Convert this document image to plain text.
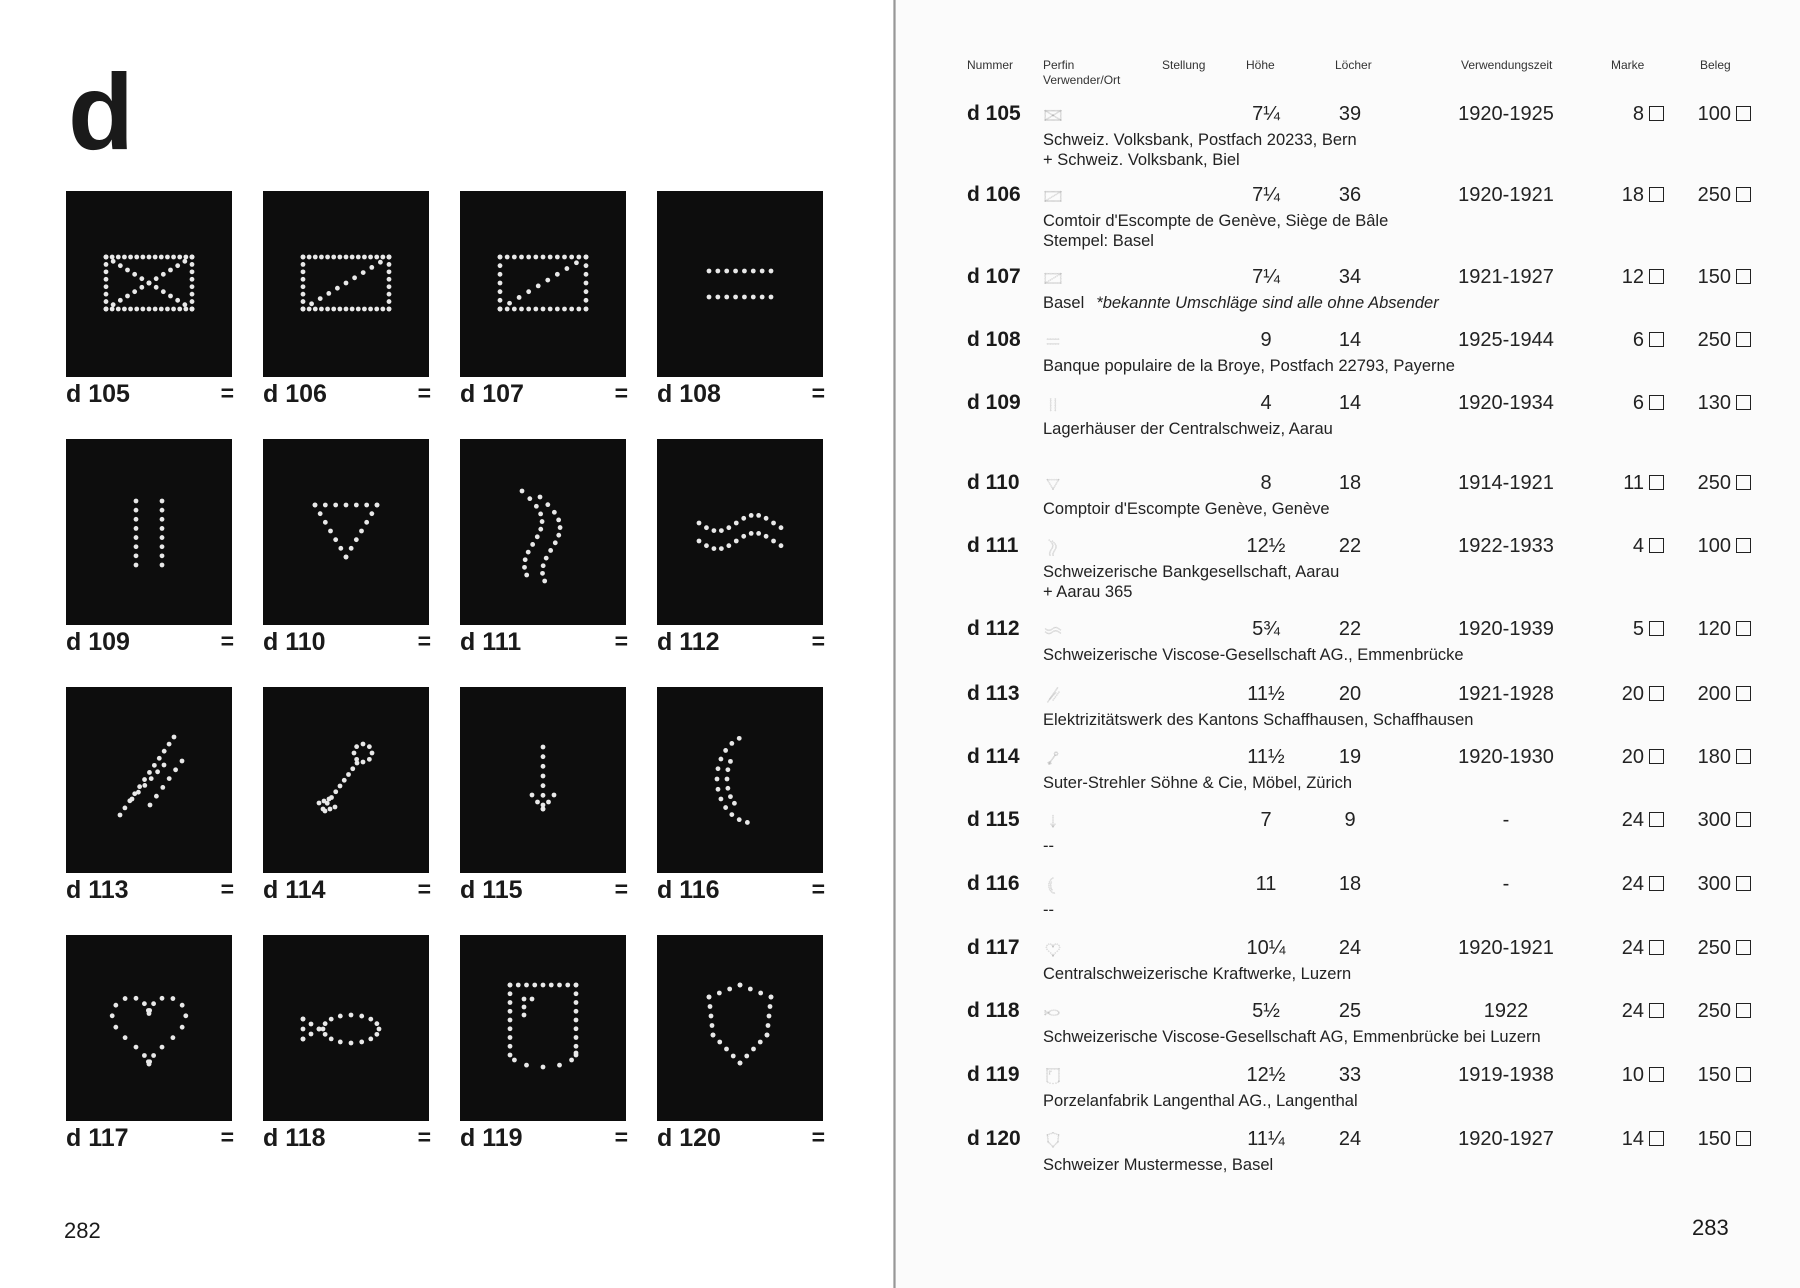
d
d 105	= d 106	= d 107	= d 108	=
d 109	= d 110	= d 111	= d 112	=
d 113	= d 114	= d 115	= d 116	=
d 117	= d 118	= d 119	= d 120	=
282
Nummer Perfin
Verwender/Ort
Stellung	Höhe	Löcher	Verwendungszeit	Marke	Beleg
d 105	7¼	39	1920-1925	8	100
Schweiz. Volksbank, Postfach 20233, Bern
+ Schweiz. Volksbank, Biel
d 106	7¼	36	1920-1921	18	250
Comtoir d'Escompte de Genève, Siège de Bâle
Stempel: Basel
d 107	7¼	34	1921-1927	12	150
Basel *bekannte Umschläge sind alle ohne Absender
d 108	9	14	1925-1944	6	250
Banque populaire de la Broye, Postfach 22793, Payerne
d 109	4	14	1920-1934	6	130
Lagerhäuser der Centralschweiz, Aarau
d 110	8	18	1914-1921	11	250
Comptoir d'Escompte Genève, Genève
d 111	12½	22	1922-1933	4	100
Schweizerische Bankgesellschaft, Aarau
+ Aarau 365
d 112	5¾	22	1920-1939	5	120
Schweizerische Viscose-Gesellschaft AG., Emmenbrücke
d 113	11½	20	1921-1928	20	200
Elektrizitätswerk des Kantons Schaffhausen, Schaffhausen
d 114	11½	19	1920-1930	20	180
Suter-Strehler Söhne & Cie, Möbel, Zürich
d 115	7	9	-	24	300
--
d 116	11	18	-	24	300
--
d 117	10¼	24	1920-1921	24	250
Centralschweizerische Kraftwerke, Luzern
d 118	5½	25	1922	24	250
Schweizerische Viscose-Gesellschaft AG, Emmenbrücke bei Luzern
d 119	12½	33	1919-1938	10	150
Porzelanfabrik Langenthal AG., Langenthal
d 120	11¼	24	1920-1927	14	150
Schweizer Mustermesse, Basel
283
